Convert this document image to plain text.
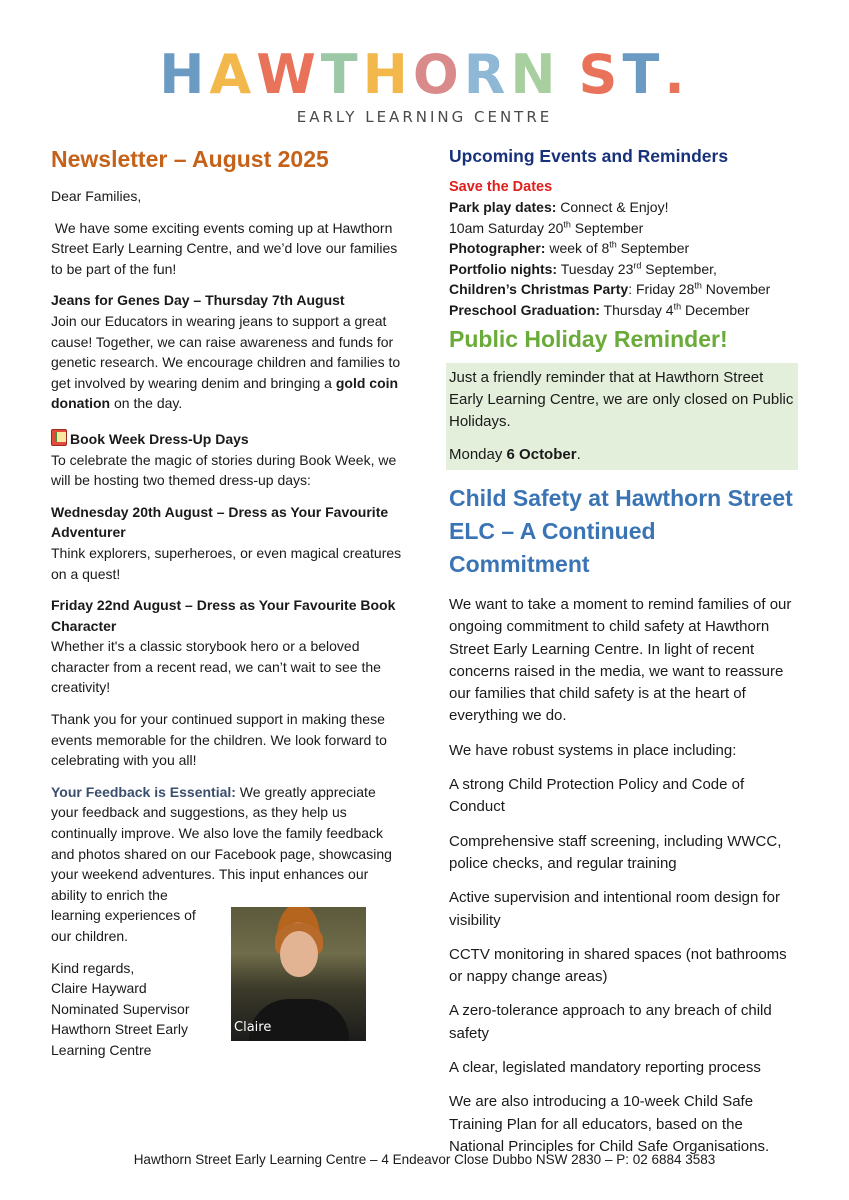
HAWTHORN ST.
EARLY LEARNING CENTRE
Newsletter – August 2025

Dear Families,

We have some exciting events coming up at Hawthorn Street Early Learning Centre, and we’d love our families to be part of the fun!

Jeans for Genes Day – Thursday 7th August
Join our Educators in wearing jeans to support a great cause! Together, we can raise awareness and funds for genetic research. We encourage children and families to get involved by wearing denim and bringing a gold coin donation on the day.

Book Week Dress-Up Days
To celebrate the magic of stories during Book Week, we will be hosting two themed dress-up days:

Wednesday 20th August – Dress as Your Favourite Adventurer
Think explorers, superheroes, or even magical creatures on a quest!

Friday 22nd August – Dress as Your Favourite Book Character
Whether it's a classic storybook hero or a beloved character from a recent read, we can’t wait to see the creativity!

Thank you for your continued support in making these events memorable for the children. We look forward to celebrating with you all!

Your Feedback is Essential: We greatly appreciate your feedback and suggestions, as they help us continually improve. We also love the family feedback and photos shared on our Facebook page, showcasing your weekend adventures. This input enhances our
ability to enrich the
learning experiences of
our children.

Kind regards,
Claire Hayward
Nominated Supervisor
Hawthorn Street Early
Learning Centre

Claire
Upcoming Events and Reminders
Save the Dates
Park play dates: Connect & Enjoy!
10am Saturday 20th September
Photographer: week of 8th September
Portfolio nights: Tuesday 23rd September,
Children’s Christmas Party: Friday 28th November
Preschool Graduation: Thursday 4th December
Public Holiday Reminder!

Just a friendly reminder that at Hawthorn Street Early Learning Centre, we are only closed on Public Holidays.

Monday 6 October.

Child Safety at Hawthorn Street ELC – A Continued Commitment

We want to take a moment to remind families of our ongoing commitment to child safety at Hawthorn Street Early Learning Centre. In light of recent concerns raised in the media, we want to reassure our families that child safety is at the heart of everything we do.

We have robust systems in place including:

A strong Child Protection Policy and Code of Conduct

Comprehensive staff screening, including WWCC, police checks, and regular training

Active supervision and intentional room design for visibility

CCTV monitoring in shared spaces (not bathrooms or nappy change areas)

A zero-tolerance approach to any breach of child safety

A clear, legislated mandatory reporting process

We are also introducing a 10-week Child Safe Training Plan for all educators, based on the National Principles for Child Safe Organisations.

Hawthorn Street Early Learning Centre – 4 Endeavor Close Dubbo NSW 2830 – P: 02 6884 3583
